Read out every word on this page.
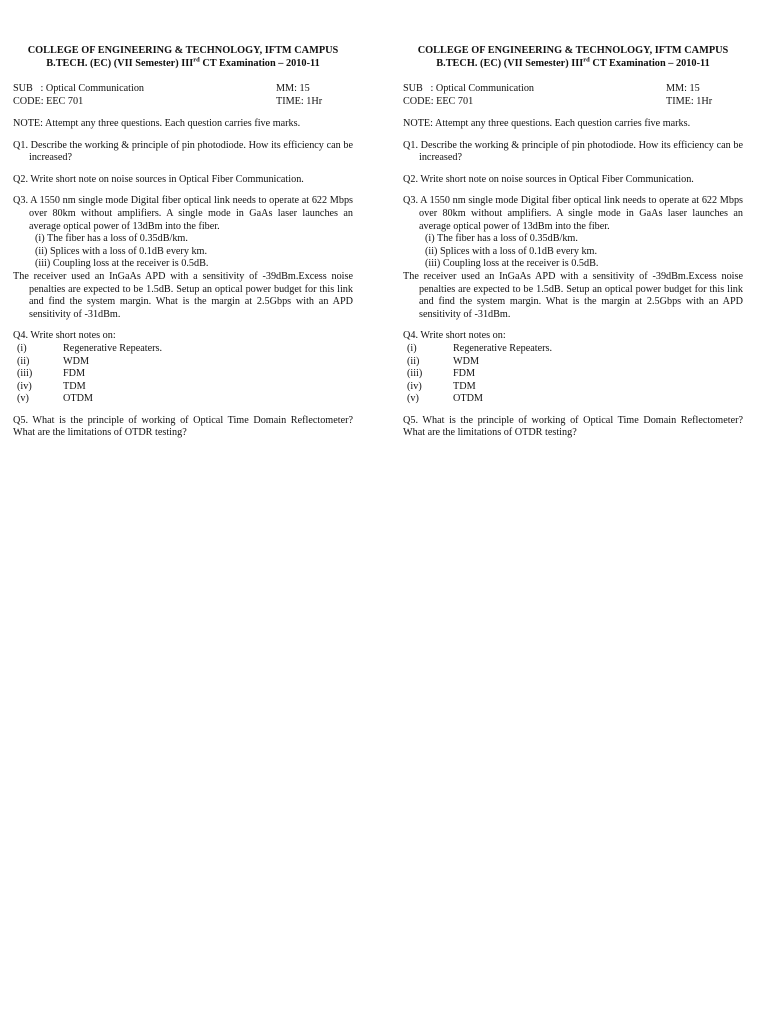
COLLEGE OF ENGINEERING & TECHNOLOGY, IFTM CAMPUS
B.TECH. (EC) (VII Semester) IIIrd CT Examination – 2010-11
SUB   : Optical Communication	MM: 15
CODE: EEC 701	TIME: 1Hr
NOTE: Attempt any three questions. Each question carries five marks.
Q1. Describe the working & principle of pin photodiode. How its efficiency can be increased?
Q2. Write short note on noise sources in Optical Fiber Communication.
Q3. A 1550 nm single mode Digital fiber optical link needs to operate at 622 Mbps over 80km without amplifiers. A single mode in GaAs laser launches an average optical power of 13dBm into the fiber.
(i) The fiber has a loss of 0.35dB/km.
(ii) Splices with a loss of 0.1dB every km.
(iii) Coupling loss at the receiver is 0.5dB.
The receiver used an InGaAs APD with a sensitivity of -39dBm.Excess noise penalties are expected to be 1.5dB. Setup an optical power budget for this link and find the system margin. What is the margin at 2.5Gbps with an APD sensitivity of -31dBm.
Q4. Write short notes on:
(i)	Regenerative Repeaters.
(ii)	WDM
(iii)	FDM
(iv)	TDM
(v)	OTDM
Q5. What is the principle of working of Optical Time Domain Reflectometer? What are the limitations of OTDR testing?
COLLEGE OF ENGINEERING & TECHNOLOGY, IFTM CAMPUS
B.TECH. (EC) (VII Semester) IIIrd CT Examination – 2010-11
SUB   : Optical Communication	MM: 15
CODE: EEC 701	TIME: 1Hr
NOTE: Attempt any three questions. Each question carries five marks.
Q1. Describe the working & principle of pin photodiode. How its efficiency can be increased?
Q2. Write short note on noise sources in Optical Fiber Communication.
Q3. A 1550 nm single mode Digital fiber optical link needs to operate at 622 Mbps over 80km without amplifiers. A single mode in GaAs laser launches an average optical power of 13dBm into the fiber.
(i) The fiber has a loss of 0.35dB/km.
(ii) Splices with a loss of 0.1dB every km.
(iii) Coupling loss at the receiver is 0.5dB.
The receiver used an InGaAs APD with a sensitivity of -39dBm.Excess noise penalties are expected to be 1.5dB. Setup an optical power budget for this link and find the system margin. What is the margin at 2.5Gbps with an APD sensitivity of -31dBm.
Q4. Write short notes on:
(i)	Regenerative Repeaters.
(ii)	WDM
(iii)	FDM
(iv)	TDM
(v)	OTDM
Q5. What is the principle of working of Optical Time Domain Reflectometer? What are the limitations of OTDR testing?
